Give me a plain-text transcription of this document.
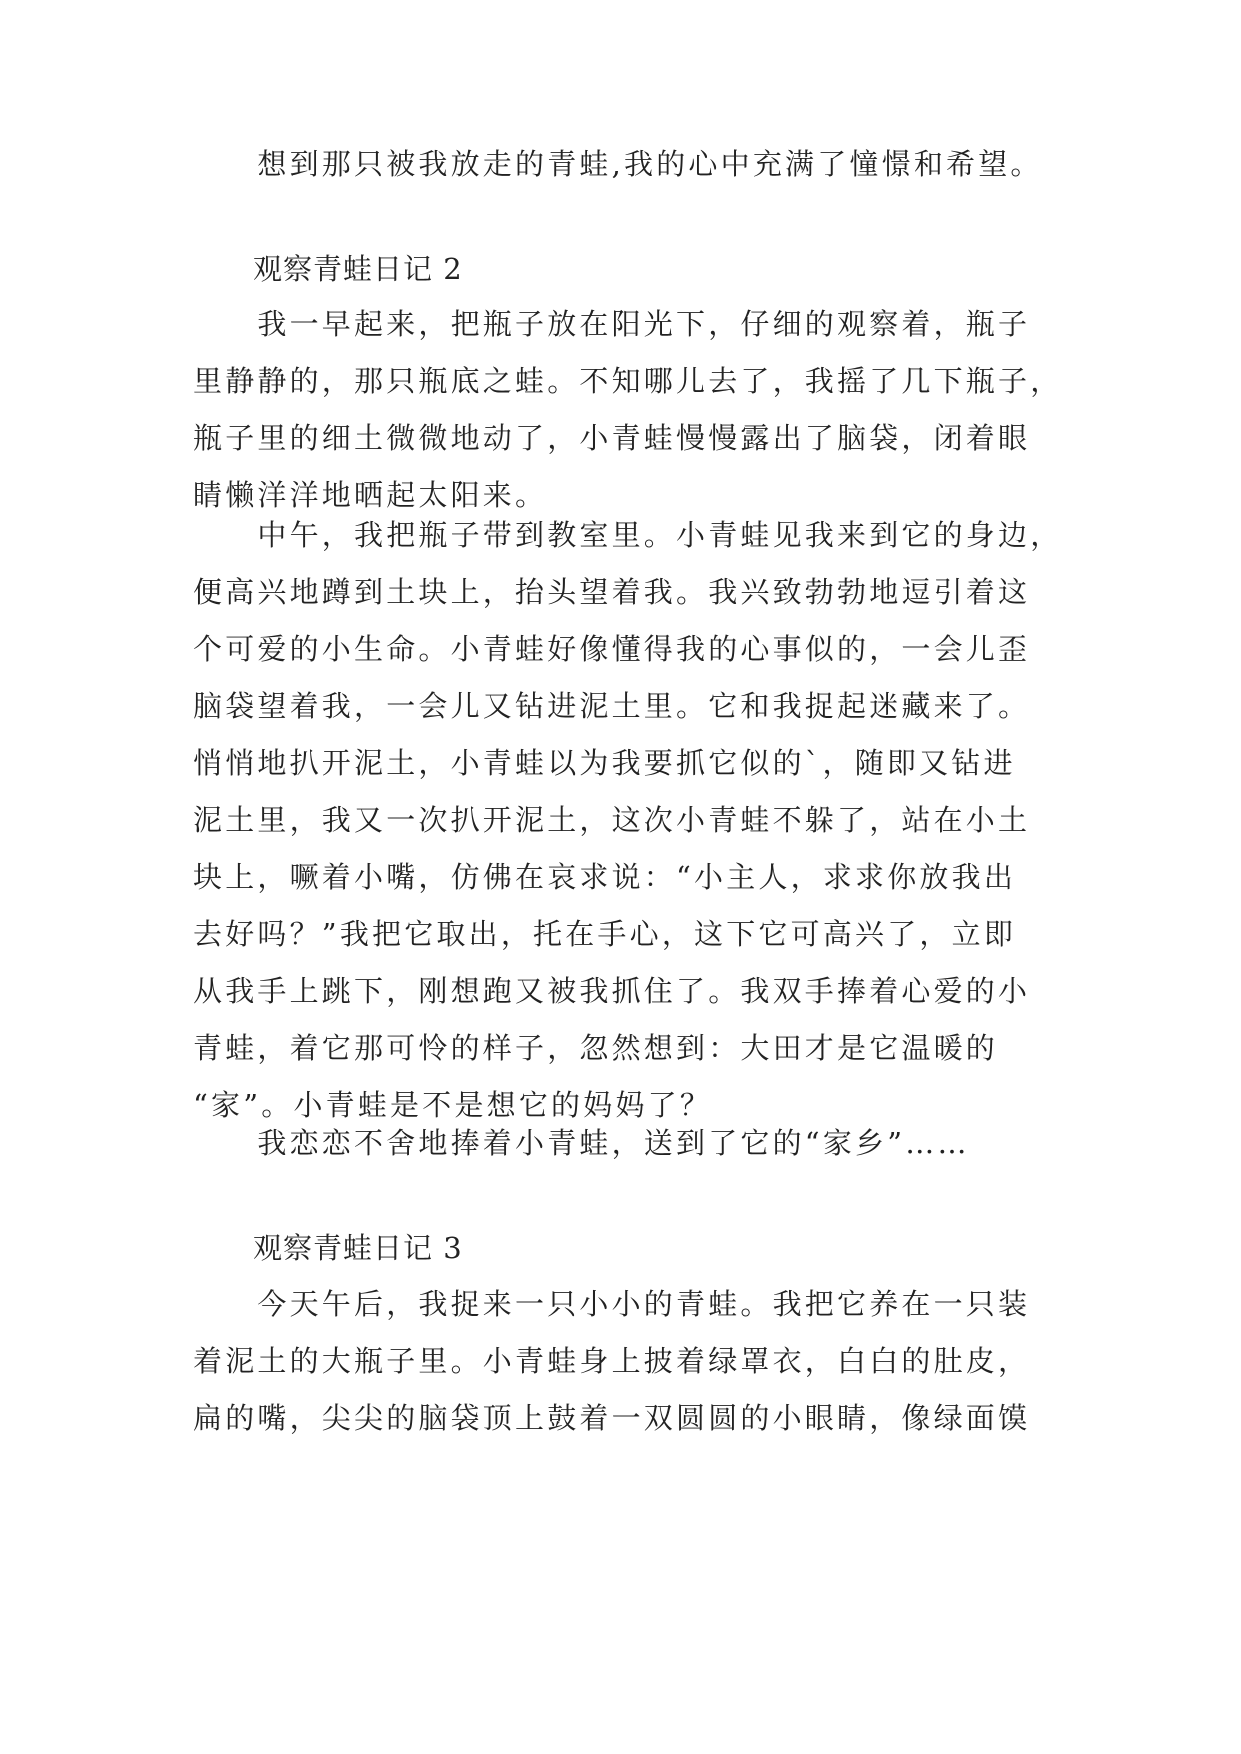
　　想到那只被我放走的青蛙,我的心中充满了憧憬和希望。
　　观察青蛙日记 2
　　我一早起来，把瓶子放在阳光下，仔细的观察着，瓶子
里静静的，那只瓶底之蛙。不知哪儿去了，我摇了几下瓶子，
瓶子里的细土微微地动了，小青蛙慢慢露出了脑袋，闭着眼
睛懒洋洋地晒起太阳来。
　　中午，我把瓶子带到教室里。小青蛙见我来到它的身边，
便高兴地蹲到土块上，抬头望着我。我兴致勃勃地逗引着这
个可爱的小生命。小青蛙好像懂得我的心事似的，一会儿歪
脑袋望着我，一会儿又钻进泥土里。它和我捉起迷藏来了。
悄悄地扒开泥土，小青蛙以为我要抓它似的`，随即又钻进
泥土里，我又一次扒开泥土，这次小青蛙不躲了，站在小土
块上，噘着小嘴，仿佛在哀求说：“小主人，求求你放我出
去好吗？”我把它取出，托在手心，这下它可高兴了，立即
从我手上跳下，刚想跑又被我抓住了。我双手捧着心爱的小
青蛙，着它那可怜的样子，忽然想到：大田才是它温暖的
“家”。小青蛙是不是想它的妈妈了？
　　我恋恋不舍地捧着小青蛙，送到了它的“家乡”……
　　观察青蛙日记 3
　　今天午后，我捉来一只小小的青蛙。我把它养在一只装
着泥土的大瓶子里。小青蛙身上披着绿罩衣，白白的肚皮，
扁的嘴，尖尖的脑袋顶上鼓着一双圆圆的小眼睛，像绿面馍
